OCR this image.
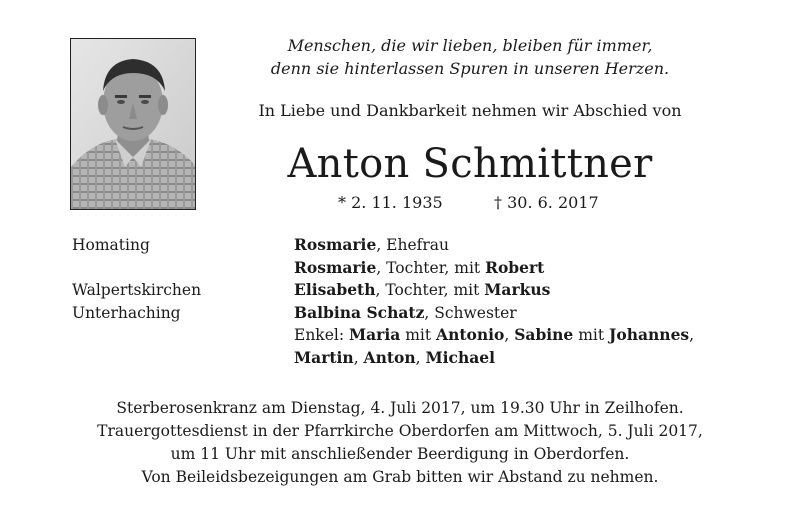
Menschen, die wir lieben, bleiben für immer,
denn sie hinterlassen Spuren in unseren Herzen.
In Liebe und Dankbarkeit nehmen wir Abschied von
Anton Schmittner
* 2. 11. 1935	† 30. 6. 2017
Homating
Walpertskirchen
Unterhaching
Rosmarie, Ehefrau
Rosmarie, Tochter, mit Robert
Elisabeth, Tochter, mit Markus
Balbina Schatz, Schwester
Enkel: Maria mit Antonio, Sabine mit Johannes,
Martin, Anton, Michael
Sterberosenkranz am Dienstag, 4. Juli 2017, um 19.30 Uhr in Zeilhofen.
Trauergottesdienst in der Pfarrkirche Oberdorfen am Mittwoch, 5. Juli 2017,
um 11 Uhr mit anschließender Beerdigung in Oberdorfen.
Von Beileidsbezeigungen am Grab bitten wir Abstand zu nehmen.
